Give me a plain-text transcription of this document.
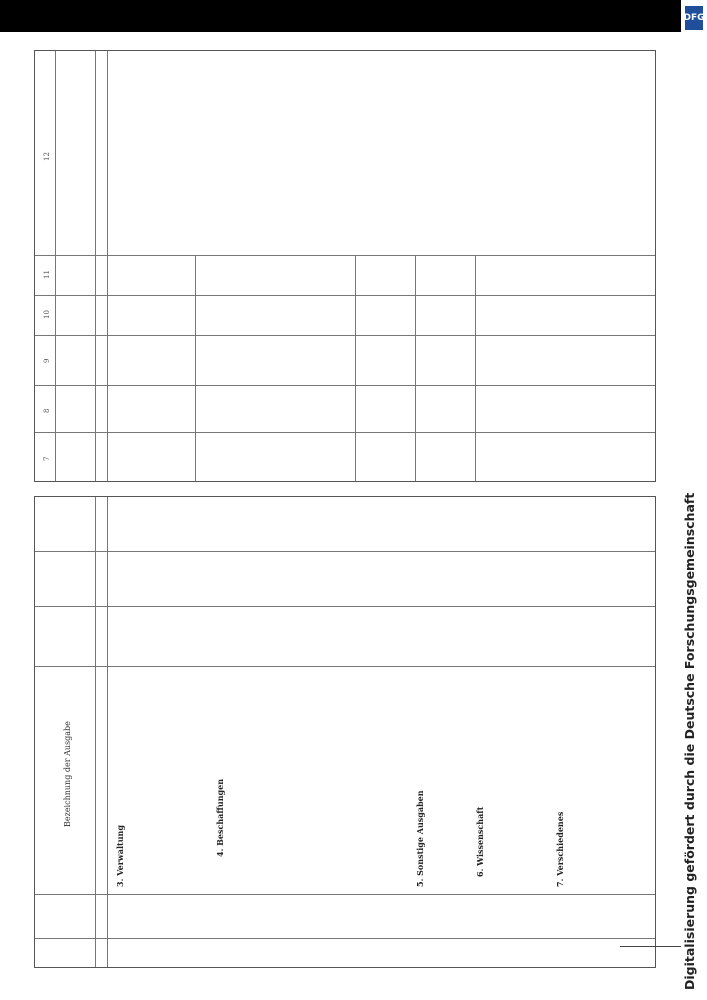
Bezeichnung der Ausgabe
3. Verwaltung	4. Beschaffungen	5. Sonstige Ausgaben	6. Wissenschaft	7. Verschiedenes
7
8
9
10
11
12
DFG
Digitalisierung gefördert durch die Deutsche Forschungsgemeinschaft
